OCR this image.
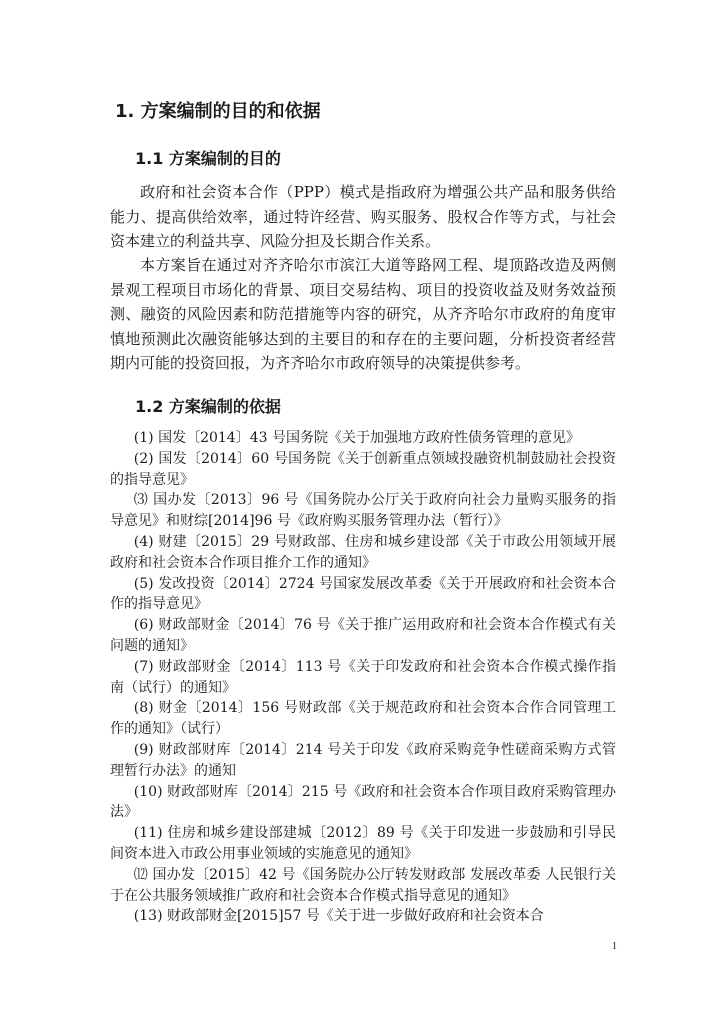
1. 方案编制的目的和依据
1.1 方案编制的目的

政府和社会资本合作（PPP）模式是指政府为增强公共产品和服务供给能力、提高供给效率，通过特许经营、购买服务、股权合作等方式，与社会资本建立的利益共享、风险分担及长期合作关系。

本方案旨在通过对齐齐哈尔市滨江大道等路网工程、堤顶路改造及两侧景观工程项目市场化的背景、项目交易结构、项目的投资收益及财务效益预测、融资的风险因素和防范措施等内容的研究，从齐齐哈尔市政府的角度审慎地预测此次融资能够达到的主要目的和存在的主要问题，分析投资者经营期内可能的投资回报，为齐齐哈尔市政府领导的决策提供参考。

1.2 方案编制的依据
(1) 国发〔2014〕43 号国务院《关于加强地方政府性债务管理的意见》
(2) 国发〔2014〕60 号国务院《关于创新重点领域投融资机制鼓励社会投资的指导意见》
⑶ 国办发〔2013〕96 号《国务院办公厅关于政府向社会力量购买服务的指导意见》和财综[2014]96 号《政府购买服务管理办法（暂行）》
(4) 财建〔2015〕29 号财政部、住房和城乡建设部《关于市政公用领域开展政府和社会资本合作项目推介工作的通知》
(5) 发改投资〔2014〕2724 号国家发展改革委《关于开展政府和社会资本合作的指导意见》
(6) 财政部财金〔2014〕76 号《关于推广运用政府和社会资本合作模式有关问题的通知》
(7) 财政部财金〔2014〕113 号《关于印发政府和社会资本合作模式操作指南（试行）的通知》
(8) 财金〔2014〕156 号财政部《关于规范政府和社会资本合作合同管理工作的通知》（试行）
(9) 财政部财库〔2014〕214 号关于印发《政府采购竞争性磋商采购方式管理暂行办法》的通知
(10) 财政部财库〔2014〕215 号《政府和社会资本合作项目政府采购管理办法》
(11) 住房和城乡建设部建城〔2012〕89 号《关于印发进一步鼓励和引导民间资本进入市政公用事业领域的实施意见的通知》
⑿ 国办发〔2015〕42 号《国务院办公厅转发财政部 发展改革委 人民银行关于在公共服务领域推广政府和社会资本合作模式指导意见的通知》
(13) 财政部财金[2015]57 号《关于进一步做好政府和社会资本合
1
